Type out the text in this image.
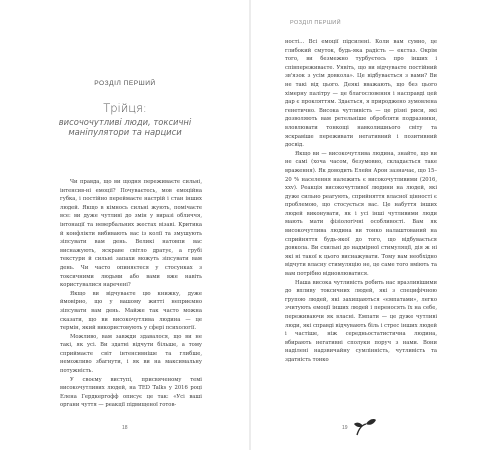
РОЗДІЛ ПЕРШИЙ
Трійця:
височочутливі люди, токсичні маніпулятори та нарциси

Чи правда, що ви щодня переживаєте сильні, інтенсив-ні емоції? Почуваєтесь, мов емоційна губка, і постійно переймаєте настрій і стан інших людей. Якщо в кімнось сильні жують, помічаєте все: ви дуже чутливі до змін у виразі обличчя, інтонації та невербальних жестах візаві. Критика й конфлікти вибивають вас із колії та змушують зіпсувати вам день. Великі натовпи вас виснажують, яскраве світло дратує, а грубі текстури й сильні запахи можуть зіпсувати вам день. Чи часто опиняєтеся у стосунках з токсичними людьми або вами вже навіть користувалися наречені?

Якщо ви відчуваєте цю книжку, дуже ймовірно, що у вашому житті неприємно зіпсувати вам день. Майже так часто можна сказати, що ви високочутлива людина — це термін, який використовують у сфері психології.

Можливо, вам завжди здавалося, що ви не такі, як усі. Ви здатні відчути більше, а тому сприймаєте світ інтенсивніше та глибше, неможливо збагнути, і як ви на максимальну потужність.

У своєму виступі, присвяченому темі високочутливих людей, на TED Talks у 2016 році Елена Гердкергофф описує це так: «Усі ваші органи чуття — реакції підвищеної готов-

18
РОЗДІЛ ПЕРШИЙ

ності… Всі емоції підсилені. Коли вам сумно, це глибокий смуток, будь-яка радість — екстаз. Окрім того, ви безмежно турбуєтесь про інших і співпереживаєте. Уявіть, що ви відчуваєте постійний зв'язок з усім довкола». Це відбувається з вами? Ви не такі від цього. Деякі вважають, що без цього хімерну палітру — це благословення і насправді цей дар є прокляттям. Здається, я природжено зумовлена генетично. Висока чутливість — це різні риси, які дозволяють вам ретельніше обробляти подразники, вловлювати тонкощі навколишнього світу та яскравіше переживати негативний і позитивний досвід.

Якщо ви — високочутлива людина, знайте, що ви не самі (хоча часом, безумовно, складається таке враження). Як доводить Елейн Арон зазначає, що 15–20 % населення належить є високочутливими (2016, ххv). Реакція високочутливої людини на людей, які дуже сильно реагують, сприйняття власної цінності є проблемою, що стосується вас. Це набуття інших людей виконувати, як і усі інші чутливими люди мають мати фізіологічні особливості. Вам як високочутлива людина ви тонко налаштований на сприйняття будь-якої до того, що відбувається довкола. Ви схильні до надмірної стимуляції, дія ж ні які ні такої к цього виснажувати. Тому вам необхідно відчути власну стимуляцію не, це саме того вміють та вам потрібно відновлюватися.

Наша висока чутливість робить нас вразливішими до впливу токсичних людей, які з специфічною групою людей, які захищаються «ємпатами», легко зчитують емоції інших людей і переносять їх на себе, переживаючи як власні. Емпати — це дуже чутливі люди, які справді відчувають біль і стрес інших людей і частіше, ніж середньостатистична людина, вбирають негативні сполуки поруч з нами. Вони наділені надзвичайну сумлінність, чутливість та здатність тонко

19
